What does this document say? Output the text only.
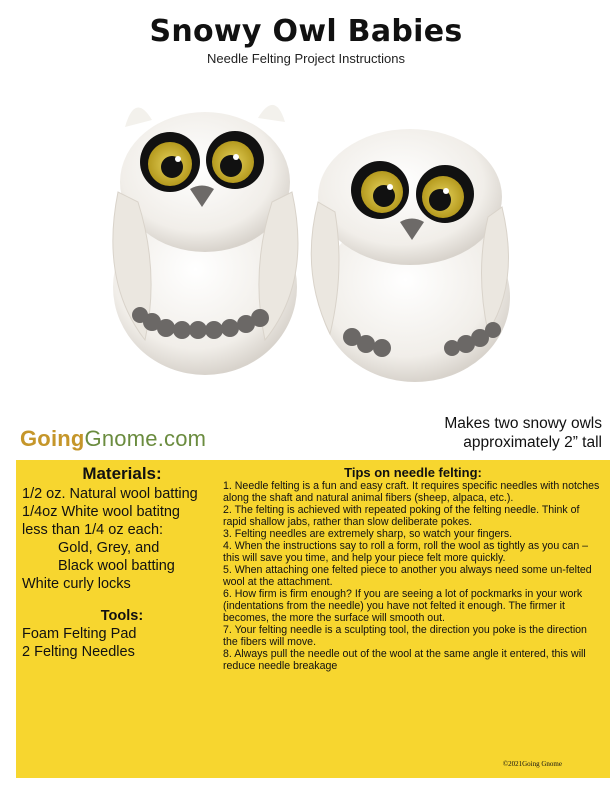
Snowy Owl Babies
Needle Felting Project Instructions
GoingGnome.com
Makes two snowy owls
approximately 2” tall
Materials:
1/2 oz. Natural wool batting
1/4oz White wool batitng
less than 1/4 oz each:
Gold, Grey, and
Black wool batting
White curly locks
Tools:
Foam Felting Pad
2 Felting Needles
Tips on needle felting:
1. Needle felting is a fun and easy craft. It requires specific needles with notches along the shaft and natural animal fibers (sheep, alpaca, etc.).
2. The felting is achieved with repeated poking of the felting needle. Think of rapid shallow jabs, rather than slow deliberate pokes.
3. Felting needles are extremely sharp, so watch your fingers.
4. When the instructions say to roll a form, roll the wool as tightly as you can – this will save you time, and help your piece felt more quickly.
5. When attaching one felted piece to another you always need some un-felted wool at the attachment.
6. How firm is firm enough? If you are seeing a lot of pockmarks in your work (indentations from the needle) you have not felted it enough. The firmer it becomes, the more the surface will smooth out.
7. Your felting needle is a sculpting tool, the direction you poke is the direction the fibers will move.
8. Always pull the needle out of the wool at the same angle it entered, this will reduce needle breakage
©2021Going Gnome
